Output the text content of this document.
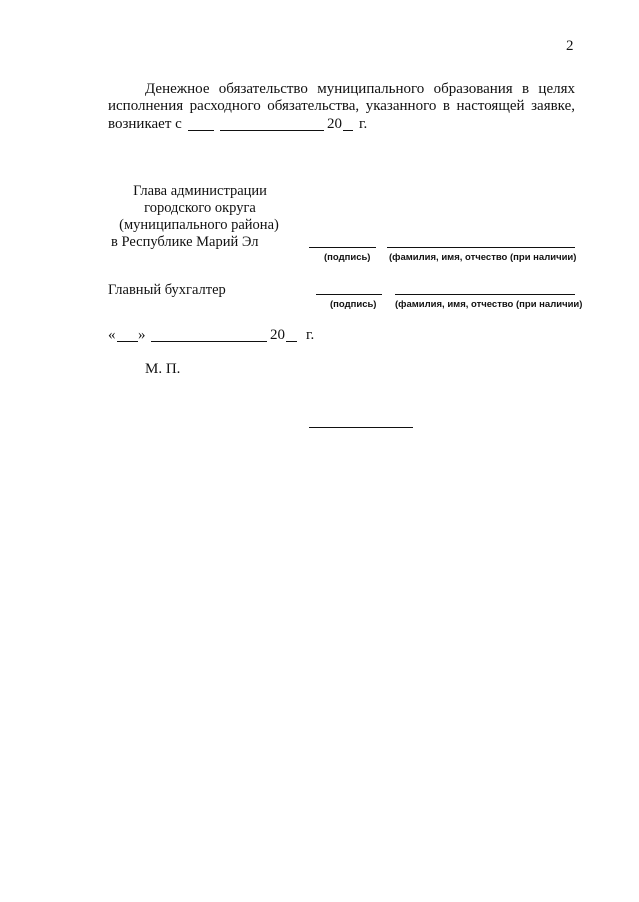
2
Денежное обязательство муниципального образования в целях
исполнения расходного обязательства, указанного в настоящей заявке,
возникает с	20 г.
Глава администрации
городского округа
(муниципального района)
в Республике Марий Эл
(подпись) (фамилия, имя, отчество (при наличии)
Главный бухгалтер
(подпись) (фамилия, имя, отчество (при наличии)
« »	20 г.
М. П.
